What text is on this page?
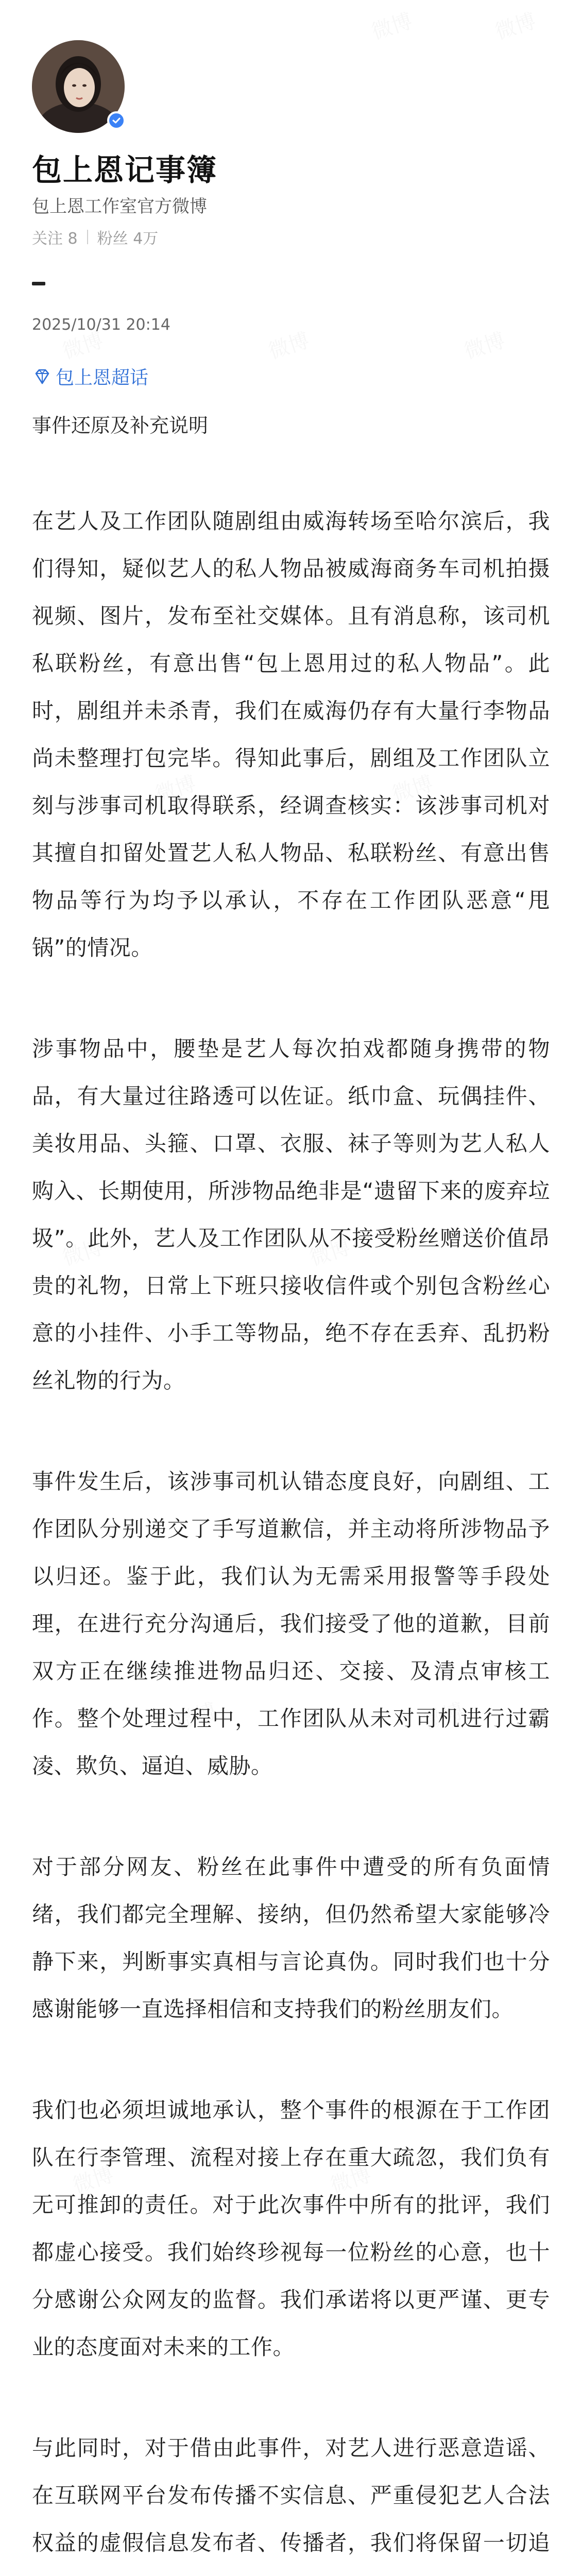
包上恩记事簿
包上恩工作室官方微博
关注 8 粉丝 4万
2025/10/31 20:14
包上恩超话
事件还原及补充说明

在艺人及工作团队随剧组由威海转场至哈尔滨后，我们得知，疑似艺人的私人物品被威海商务车司机拍摄视频、图片，发布至社交媒体。且有消息称，该司机私联粉丝，有意出售“包上恩用过的私人物品”。此时，剧组并未杀青，我们在威海仍存有大量行李物品尚未整理打包完毕。得知此事后，剧组及工作团队立刻与涉事司机取得联系，经调查核实：该涉事司机对其擅自扣留处置艺人私人物品、私联粉丝、有意出售物品等行为均予以承认，不存在工作团队恶意“甩锅”的情况。

涉事物品中，腰垫是艺人每次拍戏都随身携带的物品，有大量过往路透可以佐证。纸巾盒、玩偶挂件、美妆用品、头箍、口罩、衣服、袜子等则为艺人私人购入、长期使用，所涉物品绝非是“遗留下来的废弃垃圾”。此外，艺人及工作团队从不接受粉丝赠送价值昂贵的礼物，日常上下班只接收信件或个别包含粉丝心意的小挂件、小手工等物品，绝不存在丢弃、乱扔粉丝礼物的行为。

事件发生后，该涉事司机认错态度良好，向剧组、工作团队分别递交了手写道歉信，并主动将所涉物品予以归还。鉴于此，我们认为无需采用报警等手段处理，在进行充分沟通后，我们接受了他的道歉，目前双方正在继续推进物品归还、交接、及清点审核工作。整个处理过程中，工作团队从未对司机进行过霸凌、欺负、逼迫、威胁。

对于部分网友、粉丝在此事件中遭受的所有负面情绪，我们都完全理解、接纳，但仍然希望大家能够冷静下来，判断事实真相与言论真伪。同时我们也十分感谢能够一直选择相信和支持我们的粉丝朋友们。

我们也必须坦诚地承认，整个事件的根源在于工作团队在行李管理、流程对接上存在重大疏忽，我们负有无可推卸的责任。对于此次事件中所有的批评，我们都虚心接受。我们始终珍视每一位粉丝的心意，也十分感谢公众网友的监督。我们承诺将以更严谨、更专业的态度面对未来的工作。

与此同时，对于借由此事件，对艺人进行恶意造谣、在互联网平台发布传播不实信息、严重侵犯艺人合法权益的虚假信息发布者、传播者，我们将保留一切追
